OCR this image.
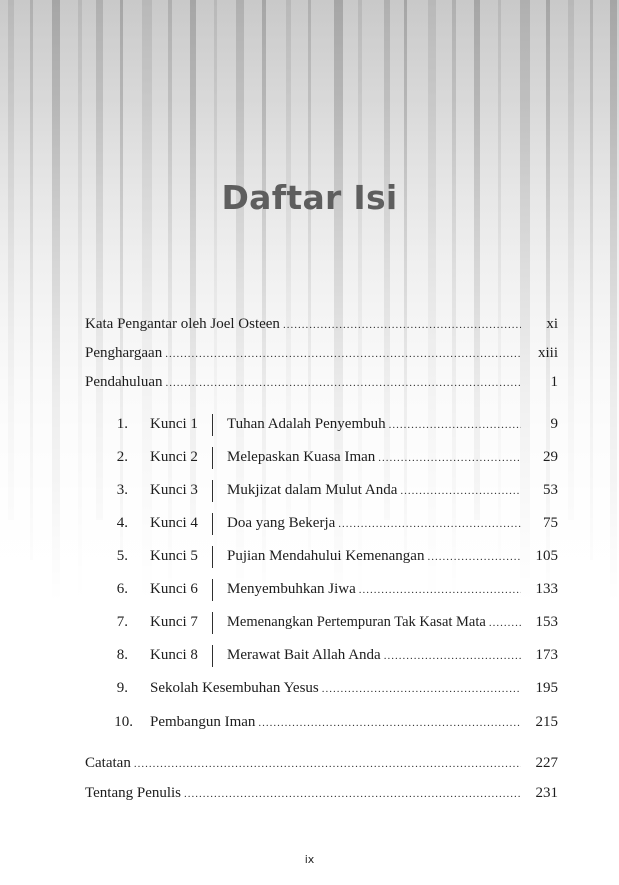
Daftar Isi
Kata Pengantar oleh Joel Osteen .....	xi
Penghargaan .....	xiii
Pendahuluan .....	1
1. Kunci 1 Tuhan Adalah Penyembuh .....	9
2. Kunci 2 Melepaskan Kuasa Iman .....	29
3. Kunci 3 Mukjizat dalam Mulut Anda .....	53
4. Kunci 4 Doa yang Bekerja .....	75
5. Kunci 5 Pujian Mendahului Kemenangan .....	105
6. Kunci 6 Menyembuhkan Jiwa .....	133
7. Kunci 7 Memenangkan Pertempuran Tak Kasat Mata .....	153
8. Kunci 8 Merawat Bait Allah Anda .....	173
9. Sekolah Kesembuhan Yesus .....	195
10. Pembangun Iman .....	215
Catatan .....	227
Tentang Penulis .....	231
ix
